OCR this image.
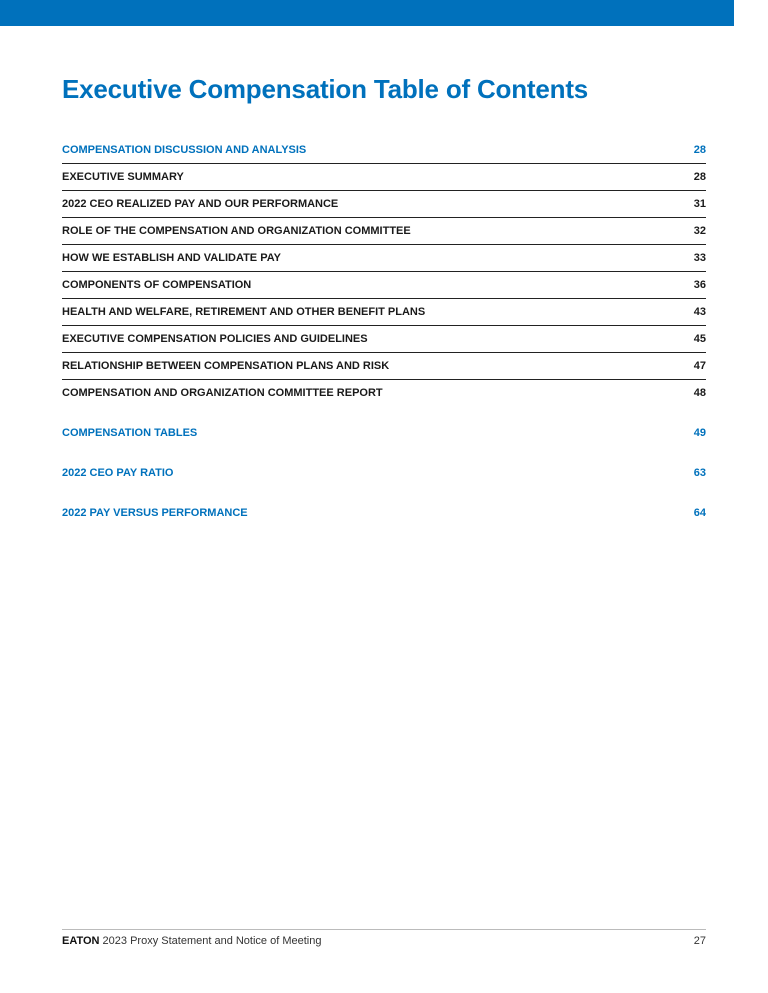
Executive Compensation Table of Contents
COMPENSATION DISCUSSION AND ANALYSIS	28
EXECUTIVE SUMMARY	28
2022 CEO REALIZED PAY AND OUR PERFORMANCE	31
ROLE OF THE COMPENSATION AND ORGANIZATION COMMITTEE	32
HOW WE ESTABLISH AND VALIDATE PAY	33
COMPONENTS OF COMPENSATION	36
HEALTH AND WELFARE, RETIREMENT AND OTHER BENEFIT PLANS	43
EXECUTIVE COMPENSATION POLICIES AND GUIDELINES	45
RELATIONSHIP BETWEEN COMPENSATION PLANS AND RISK	47
COMPENSATION AND ORGANIZATION COMMITTEE REPORT	48
COMPENSATION TABLES	49
2022 CEO PAY RATIO	63
2022 PAY VERSUS PERFORMANCE	64
EATON 2023 Proxy Statement and Notice of Meeting	27
